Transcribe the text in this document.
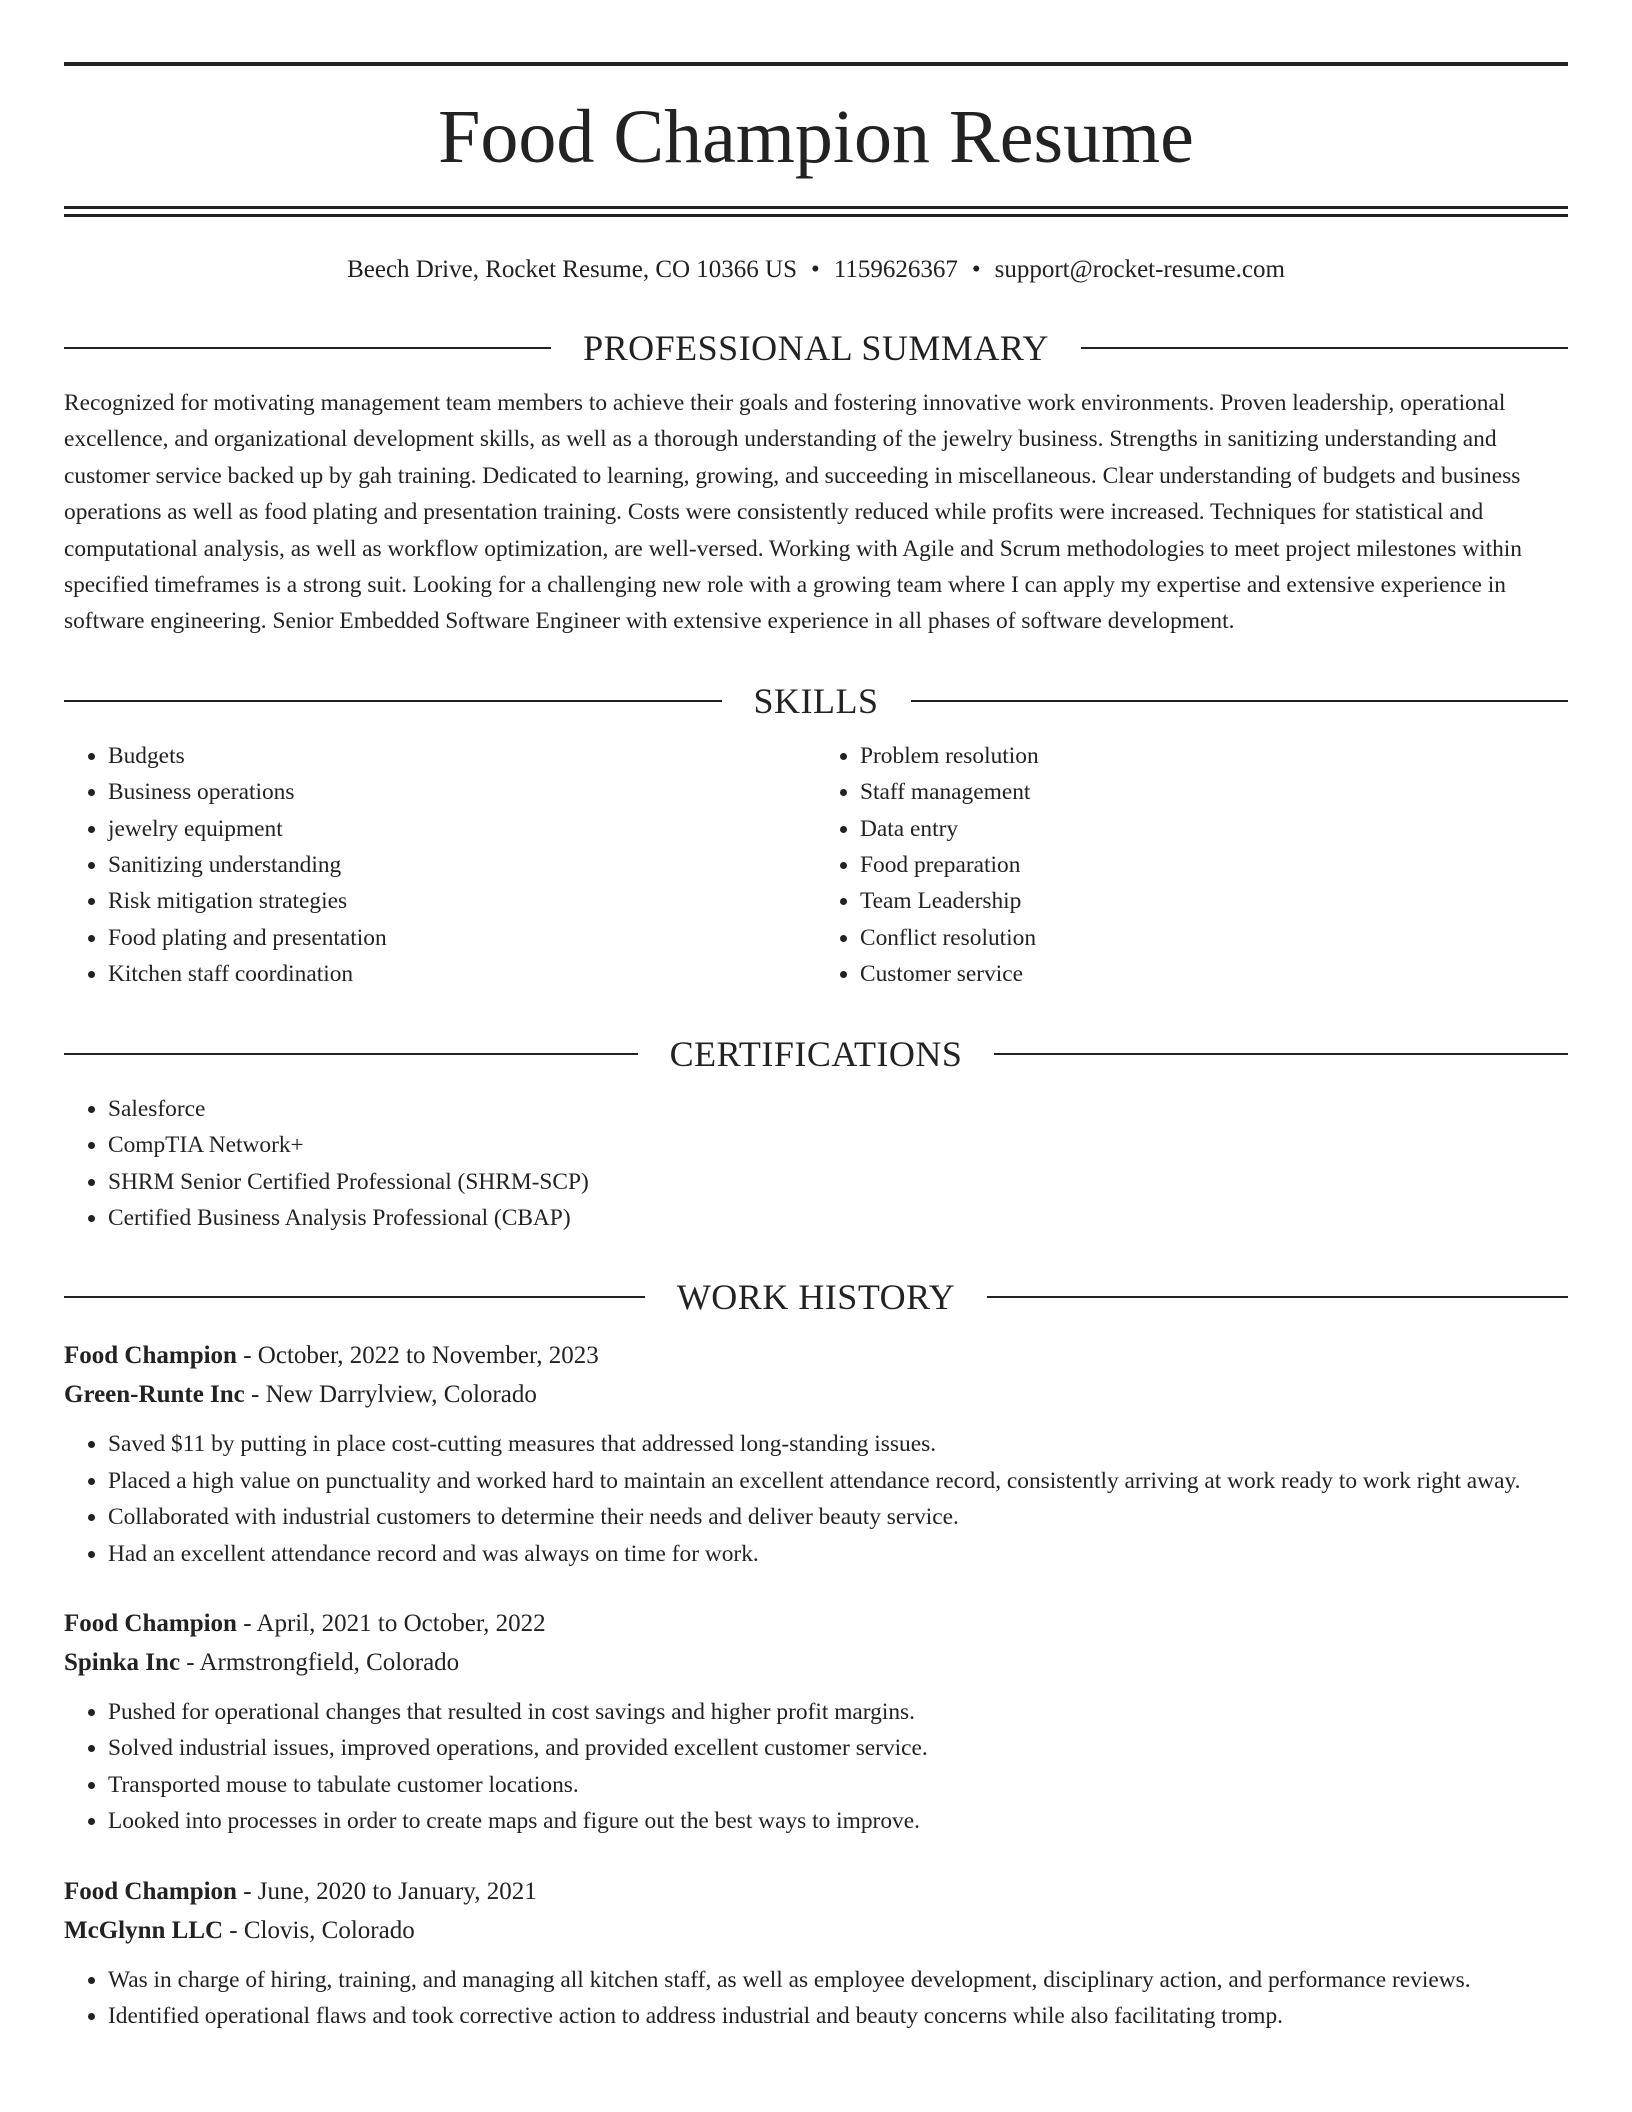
Food Champion Resume
Beech Drive, Rocket Resume, CO 10366 US • 1159626367 • support@rocket-resume.com
PROFESSIONAL SUMMARY

Recognized for motivating management team members to achieve their goals and fostering innovative work environments. Proven leadership, operational excellence, and organizational development skills, as well as a thorough understanding of the jewelry business. Strengths in sanitizing understanding and customer service backed up by gah training. Dedicated to learning, growing, and succeeding in miscellaneous. Clear understanding of budgets and business operations as well as food plating and presentation training. Costs were consistently reduced while profits were increased. Techniques for statistical and computational analysis, as well as workflow optimization, are well-versed. Working with Agile and Scrum methodologies to meet project milestones within specified timeframes is a strong suit. Looking for a challenging new role with a growing team where I can apply my expertise and extensive experience in software engineering. Senior Embedded Software Engineer with extensive experience in all phases of software development.

SKILLS
• Budgets
• Business operations
• jewelry equipment
• Sanitizing understanding
• Risk mitigation strategies
• Food plating and presentation
• Kitchen staff coordination
• Problem resolution
• Staff management
• Data entry
• Food preparation
• Team Leadership
• Conflict resolution
• Customer service
CERTIFICATIONS
• Salesforce
• CompTIA Network+
• SHRM Senior Certified Professional (SHRM-SCP)
• Certified Business Analysis Professional (CBAP)
WORK HISTORY
Food Champion - October, 2022 to November, 2023
Green-Runte Inc - New Darrylview, Colorado
• Saved $11 by putting in place cost-cutting measures that addressed long-standing issues.
• Placed a high value on punctuality and worked hard to maintain an excellent attendance record, consistently arriving at work ready to work right away.
• Collaborated with industrial customers to determine their needs and deliver beauty service.
• Had an excellent attendance record and was always on time for work.
Food Champion - April, 2021 to October, 2022
Spinka Inc - Armstrongfield, Colorado
• Pushed for operational changes that resulted in cost savings and higher profit margins.
• Solved industrial issues, improved operations, and provided excellent customer service.
• Transported mouse to tabulate customer locations.
• Looked into processes in order to create maps and figure out the best ways to improve.
Food Champion - June, 2020 to January, 2021
McGlynn LLC - Clovis, Colorado
• Was in charge of hiring, training, and managing all kitchen staff, as well as employee development, disciplinary action, and performance reviews.
• Identified operational flaws and took corrective action to address industrial and beauty concerns while also facilitating tromp.
